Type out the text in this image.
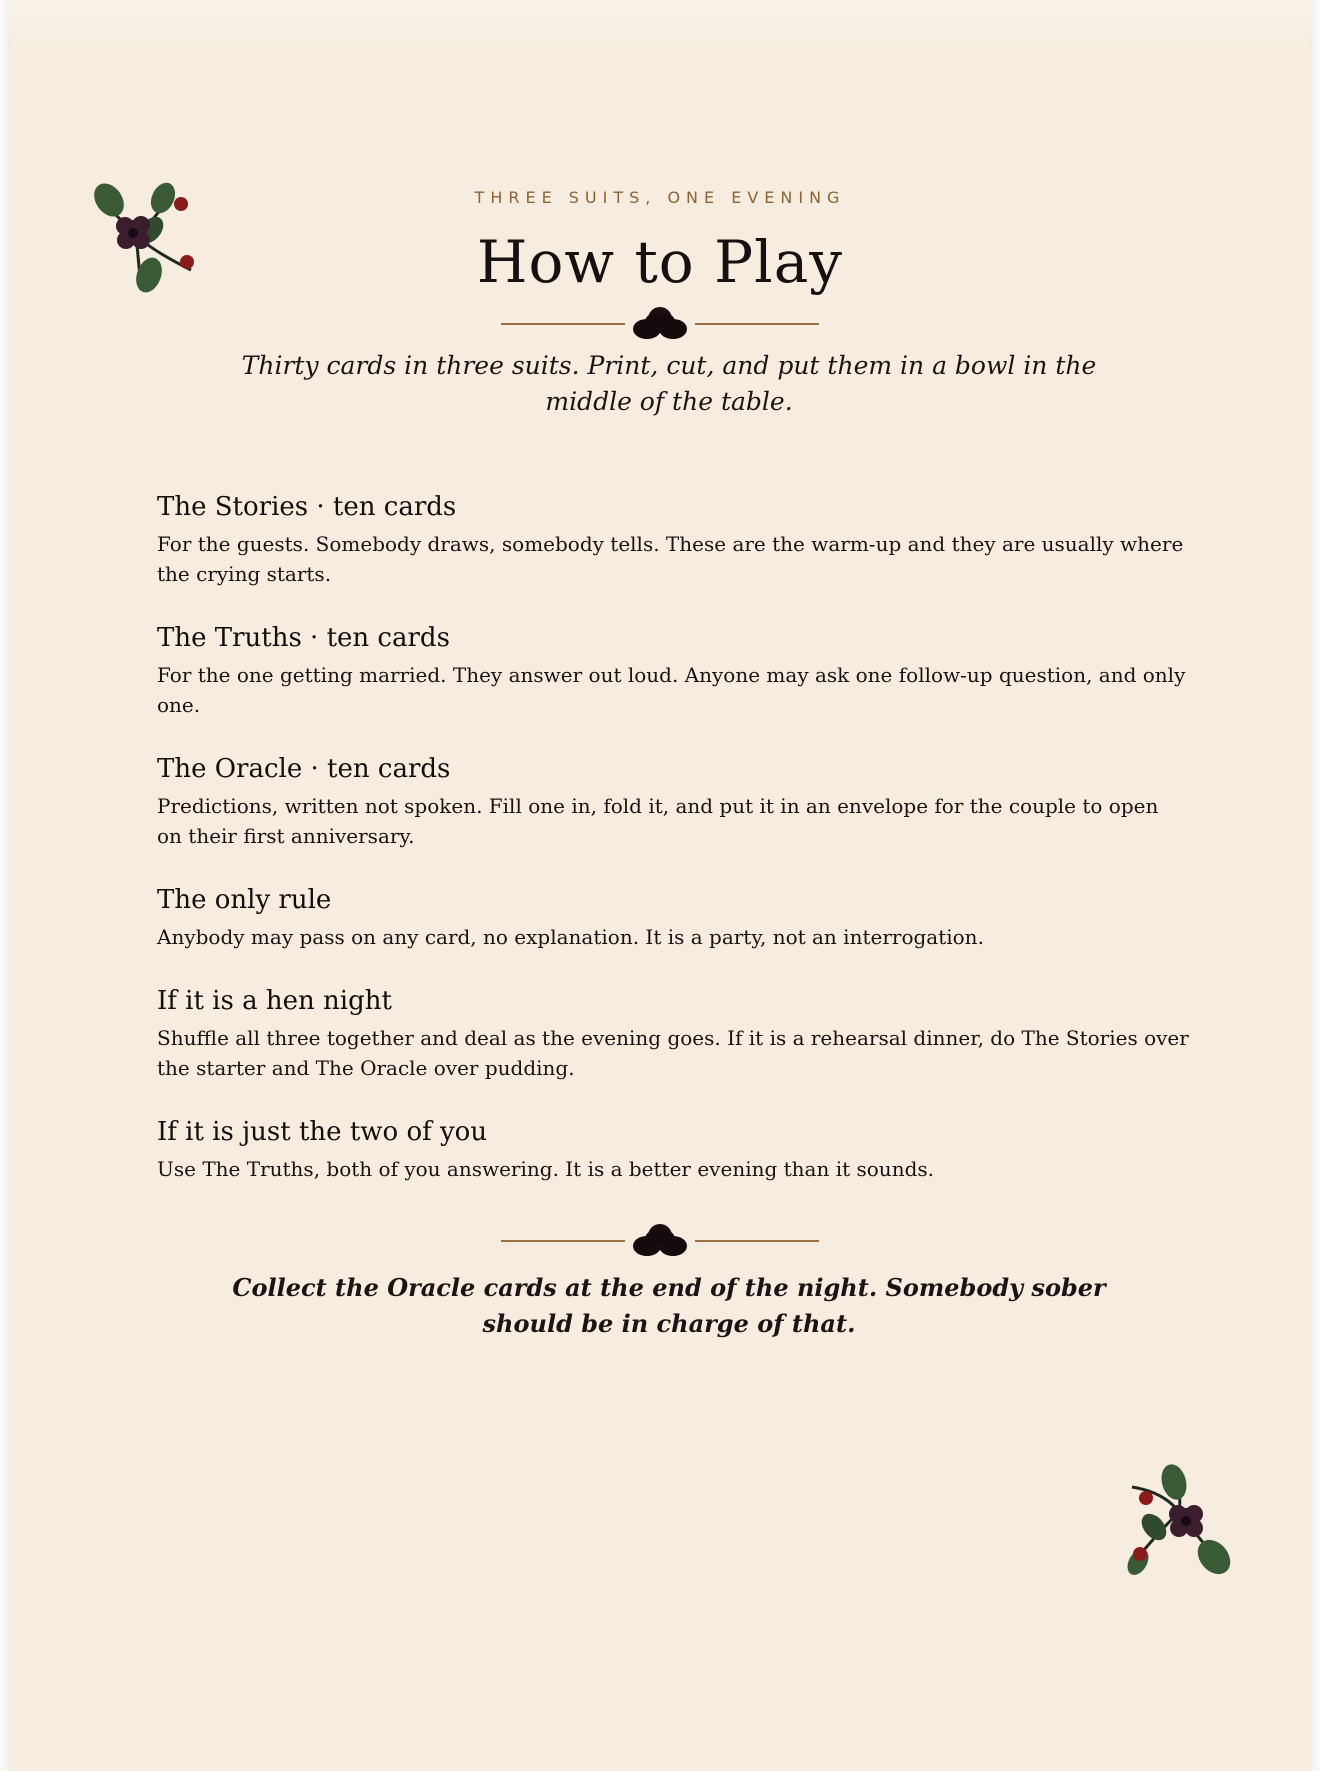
THREE SUITS, ONE EVENING
How to Play

Thirty cards in three suits. Print, cut, and put them in a bowl in the middle of the table.

The Stories · ten cards

For the guests. Somebody draws, somebody tells. These are the warm-up and they are usually where the crying starts.

The Truths · ten cards

For the one getting married. They answer out loud. Anyone may ask one follow-up question, and only one.

The Oracle · ten cards

Predictions, written not spoken. Fill one in, fold it, and put it in an envelope for the couple to open on their first anniversary.

The only rule

Anybody may pass on any card, no explanation. It is a party, not an interrogation.

If it is a hen night

Shuffle all three together and deal as the evening goes. If it is a rehearsal dinner, do The Stories over the starter and The Oracle over pudding.

If it is just the two of you

Use The Truths, both of you answering. It is a better evening than it sounds.

Collect the Oracle cards at the end of the night. Somebody sober should be in charge of that.
